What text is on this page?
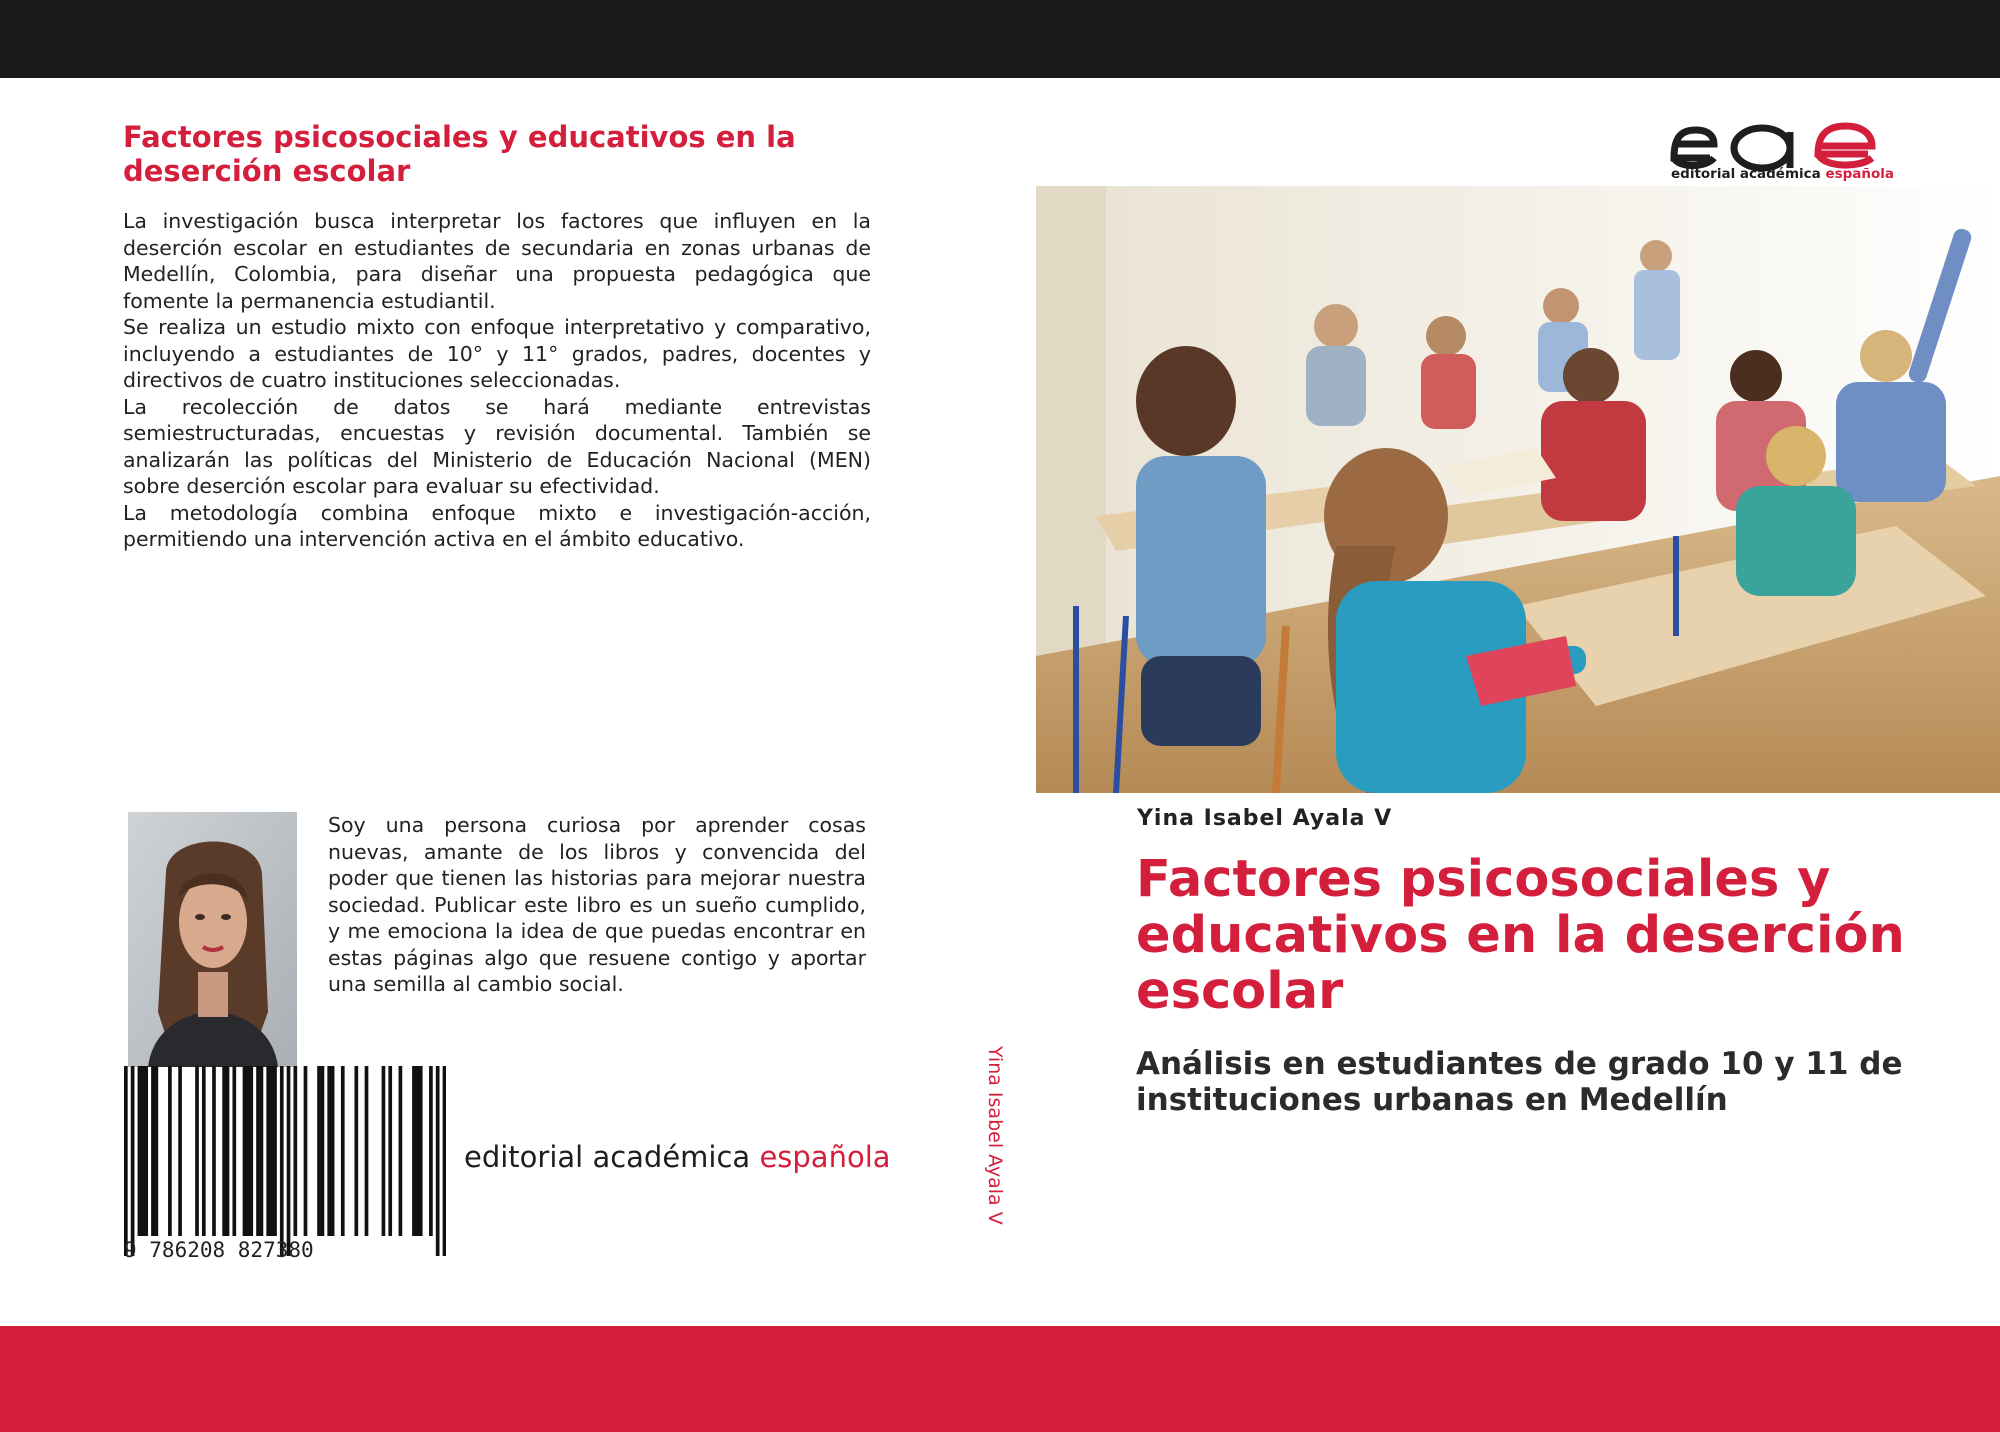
Factores psicosociales y educativos en la deserción escolar

La investigación busca interpretar los factores que influyen en la deserción escolar en estudiantes de secundaria en zonas urbanas de Medellín, Colombia, para diseñar una propuesta pedagógica que fomente la permanencia estudiantil.

Se realiza un estudio mixto con enfoque interpretativo y comparativo, incluyendo a estudiantes de 10° y 11° grados, padres, docentes y directivos de cuatro instituciones seleccionadas.

La recolección de datos se hará mediante entrevistas semiestructuradas, encuestas y revisión documental. También se analizarán las políticas del Ministerio de Educación Nacional (MEN) sobre deserción escolar para evaluar su efectividad.

La metodología combina enfoque mixto e investigación-acción, permitiendo una intervención activa en el ámbito educativo.

Soy una persona curiosa por aprender cosas nuevas, amante de los libros y convencida del poder que tienen las historias para mejorar nuestra sociedad. Publicar este libro es un sueño cumplido, y me emociona la idea de que puedas encontrar en estas páginas algo que resuene contigo y aportar una semilla al cambio social.
9 786208 827380
editorial académica española	Yina Isabel Ayala V
editorial académica española
Yina Isabel Ayala V
Factores psicosociales y educativos en la deserción escolar
Análisis en estudiantes de grado 10 y 11 de instituciones urbanas en Medellín
